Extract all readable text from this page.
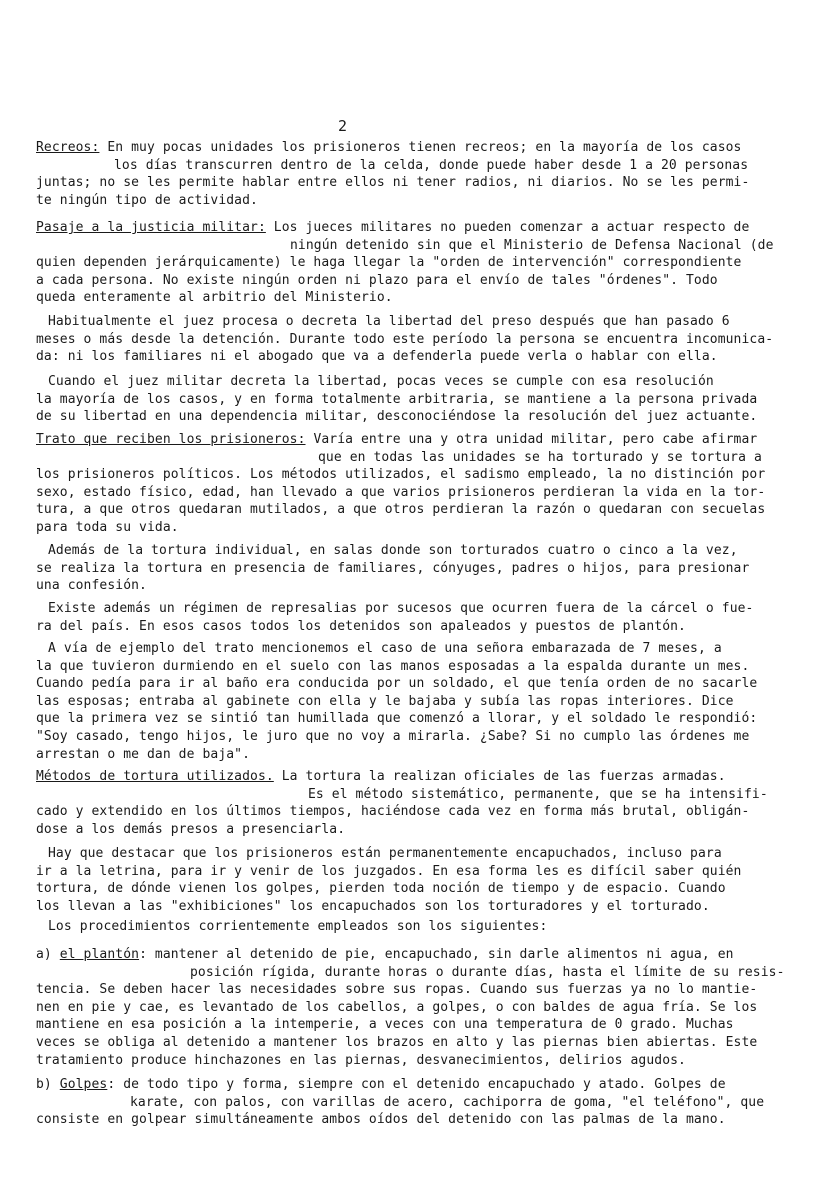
2
Recreos: En muy pocas unidades los prisioneros tienen recreos; en la mayoría de los casos
los días transcurren dentro de la celda, donde puede haber desde 1 a 20 personas
juntas; no se les permite hablar entre ellos ni tener radios, ni diarios. No se les permi-
te ningún tipo de actividad.
Pasaje a la justicia militar: Los jueces militares no pueden comenzar a actuar respecto de
ningún detenido sin que el Ministerio de Defensa Nacional (de
quien dependen jerárquicamente) le haga llegar la "orden de intervención" correspondiente
a cada persona. No existe ningún orden ni plazo para el envío de tales "órdenes". Todo
queda enteramente al arbitrio del Ministerio.
Habitualmente el juez procesa o decreta la libertad del preso después que han pasado 6
meses o más desde la detención. Durante todo este período la persona se encuentra incomunica-
da: ni los familiares ni el abogado que va a defenderla puede verla o hablar con ella.
Cuando el juez militar decreta la libertad, pocas veces se cumple con esa resolución
la mayoría de los casos, y en forma totalmente arbitraria, se mantiene a la persona privada
de su libertad en una dependencia militar, desconociéndose la resolución del juez actuante.
Trato que reciben los prisioneros: Varía entre una y otra unidad militar, pero cabe afirmar
que en todas las unidades se ha torturado y se tortura a
los prisioneros políticos. Los métodos utilizados, el sadismo empleado, la no distinción por
sexo, estado físico, edad, han llevado a que varios prisioneros perdieran la vida en la tor-
tura, a que otros quedaran mutilados, a que otros perdieran la razón o quedaran con secuelas
para toda su vida.
Además de la tortura individual, en salas donde son torturados cuatro o cinco a la vez,
se realiza la tortura en presencia de familiares, cónyuges, padres o hijos, para presionar
una confesión.
Existe además un régimen de represalias por sucesos que ocurren fuera de la cárcel o fue-
ra del país. En esos casos todos los detenidos son apaleados y puestos de plantón.
A vía de ejemplo del trato mencionemos el caso de una señora embarazada de 7 meses, a
la que tuvieron durmiendo en el suelo con las manos esposadas a la espalda durante un mes.
Cuando pedía para ir al baño era conducida por un soldado, el que tenía orden de no sacarle
las esposas; entraba al gabinete con ella y le bajaba y subía las ropas interiores. Dice
que la primera vez se sintió tan humillada que comenzó a llorar, y el soldado le respondió:
"Soy casado, tengo hijos, le juro que no voy a mirarla. ¿Sabe? Si no cumplo las órdenes me
arrestan o me dan de baja".
Métodos de tortura utilizados. La tortura la realizan oficiales de las fuerzas armadas.
Es el método sistemático, permanente, que se ha intensifi-
cado y extendido en los últimos tiempos, haciéndose cada vez en forma más brutal, obligán-
dose a los demás presos a presenciarla.
Hay que destacar que los prisioneros están permanentemente encapuchados, incluso para
ir a la letrina, para ir y venir de los juzgados. En esa forma les es difícil saber quién
tortura, de dónde vienen los golpes, pierden toda noción de tiempo y de espacio. Cuando
los llevan a las "exhibiciones" los encapuchados son los torturadores y el torturado.
Los procedimientos corrientemente empleados son los siguientes:
a) el plantón: mantener al detenido de pie, encapuchado, sin darle alimentos ni agua, en
posición rígida, durante horas o durante días, hasta el límite de su resis-
tencia. Se deben hacer las necesidades sobre sus ropas. Cuando sus fuerzas ya no lo mantie-
nen en pie y cae, es levantado de los cabellos, a golpes, o con baldes de agua fría. Se los
mantiene en esa posición a la intemperie, a veces con una temperatura de 0 grado. Muchas
veces se obliga al detenido a mantener los brazos en alto y las piernas bien abiertas. Este
tratamiento produce hinchazones en las piernas, desvanecimientos, delirios agudos.
b) Golpes: de todo tipo y forma, siempre con el detenido encapuchado y atado. Golpes de
karate, con palos, con varillas de acero, cachiporra de goma, "el teléfono", que
consiste en golpear simultáneamente ambos oídos del detenido con las palmas de la mano.
